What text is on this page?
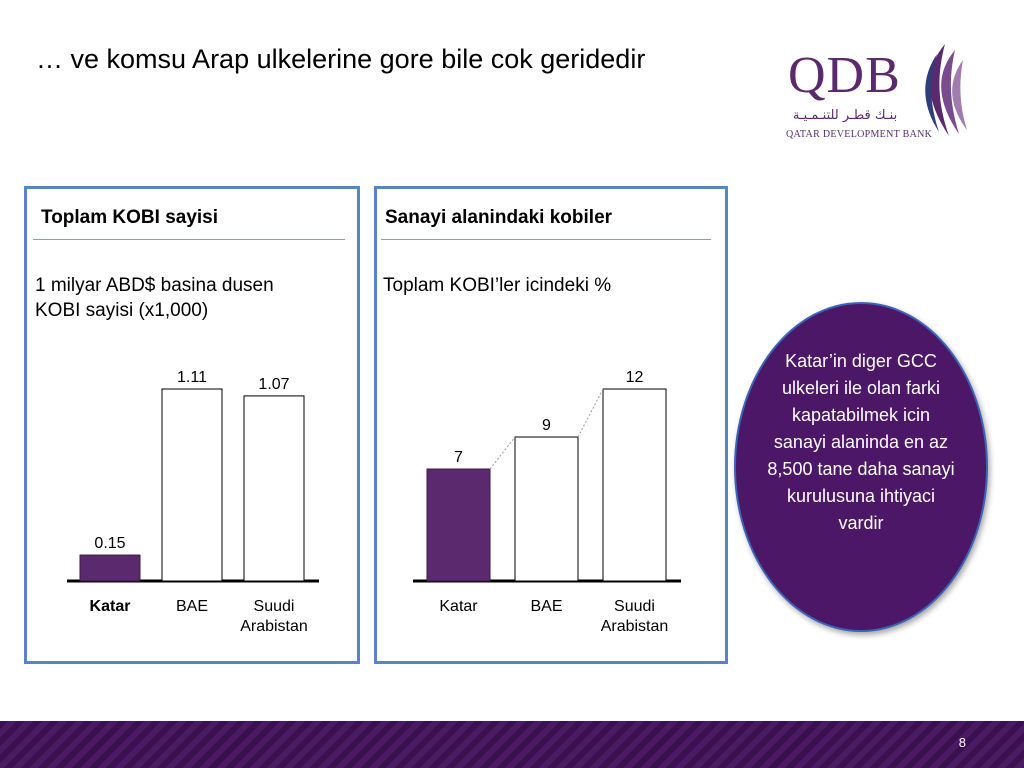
… ve komsu Arap ulkelerine gore bile cok geridedir	QDB
بنـك قطـر للتنـمـيـة
QATAR DEVELOPMENT BANK
Toplam KOBI sayisi
1 milyar ABD$ basina dusen
KOBI sayisi (x1,000)
0.15
Katar
1.11
BAE
1.07
Suudi Arabistan
Sanayi alanindaki kobiler
Toplam KOBI’ler icindeki %
7
Katar
9
BAE
12
Suudi Arabistan
Katar’in diger GCC ulkeleri ile olan farki kapatabilmek icin sanayi alaninda en az 8,500 tane daha sanayi kurulusuna ihtiyaci vardir
8
